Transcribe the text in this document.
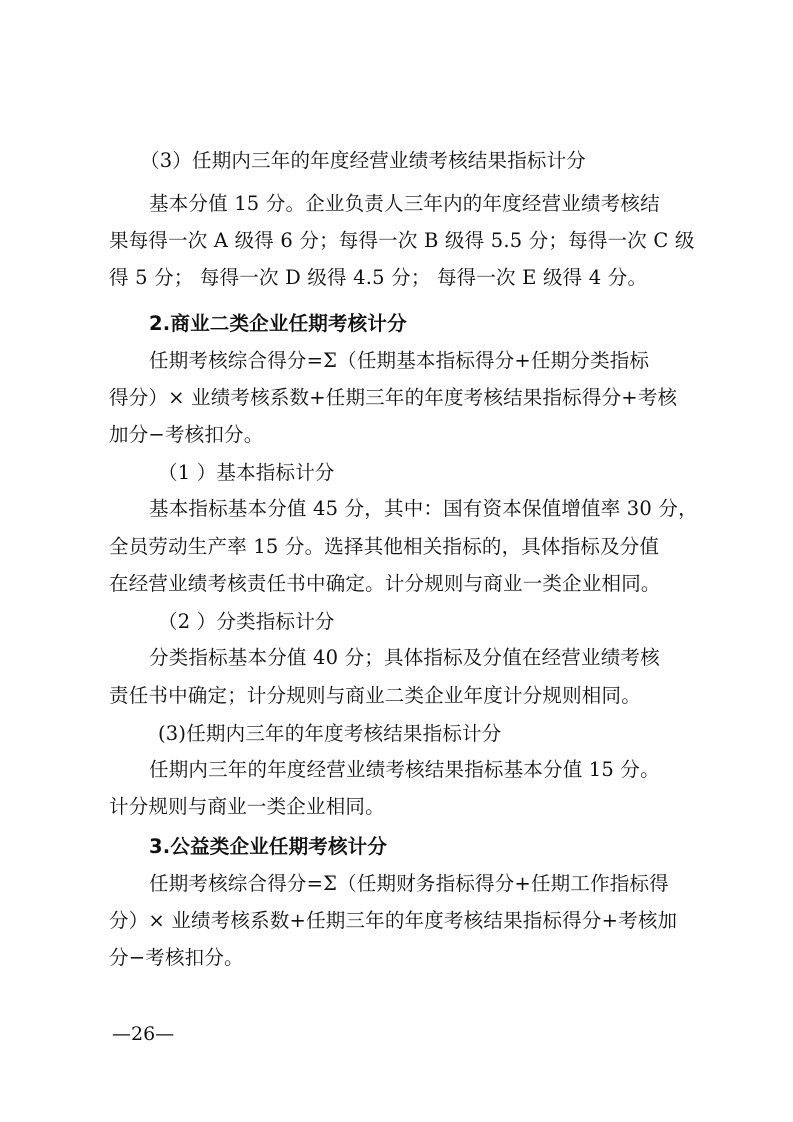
（3）任期内三年的年度经营业绩考核结果指标计分
基本分值 15 分。企业负责人三年内的年度经营业绩考核结
果每得一次 A 级得 6 分；每得一次 B 级得 5.5 分；每得一次 C 级
得 5 分； 每得一次 D 级得 4.5 分； 每得一次 E 级得 4 分。
2.商业二类企业任期考核计分
任期考核综合得分=Σ（任期基本指标得分+任期分类指标
得分）× 业绩考核系数+任期三年的年度考核结果指标得分+考核
加分−考核扣分。
（1 ）基本指标计分
基本指标基本分值 45 分，其中：国有资本保值增值率 30 分，
全员劳动生产率 15 分。选择其他相关指标的，具体指标及分值
在经营业绩考核责任书中确定。计分规则与商业一类企业相同。
（2 ）分类指标计分
分类指标基本分值 40 分；具体指标及分值在经营业绩考核
责任书中确定；计分规则与商业二类企业年度计分规则相同。
(3)任期内三年的年度考核结果指标计分
任期内三年的年度经营业绩考核结果指标基本分值 15 分。
计分规则与商业一类企业相同。
3.公益类企业任期考核计分
任期考核综合得分=Σ（任期财务指标得分+任期工作指标得
分）× 业绩考核系数+任期三年的年度考核结果指标得分+考核加
分−考核扣分。
—26—
